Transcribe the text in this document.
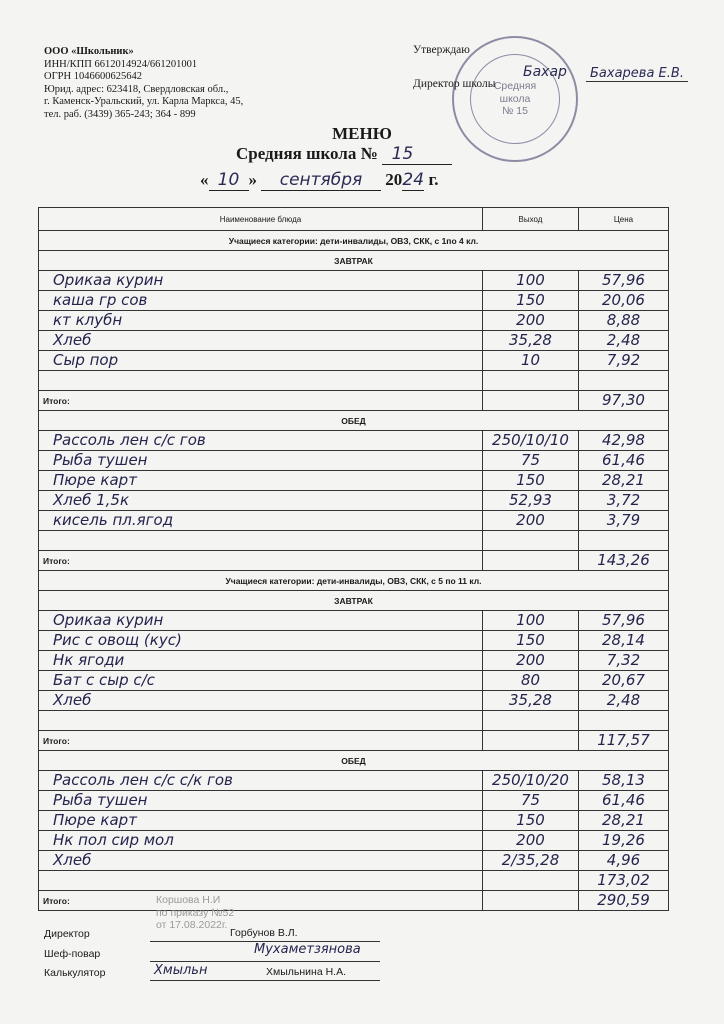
ООО «Школьник»
ИНН/КПП 6612014924/661201001
ОГРН 1046600625642
Юрид. адрес: 623418, Свердловская обл.,
г. Каменск-Уральский, ул. Карла Маркса, 45,
тел. раб. (3439) 365-243; 364 - 899
Средняя
школа
№ 15
Утверждаю
Директор школы
Бахар	Бахарева Е.В.
МЕНЮ
Средняя школа № 15
« 10 » сентября 2024 г.
Наименование блюда	Выход	Цена
Учащиеся категории: дети-инвалиды, ОВЗ, СКК, с 1по 4 кл.		
ЗАВТРАК		
Орикаа курин	100	57,96
каша гр сов	150	20,06
кт клубн	200	8,88
Хлеб	35,28	2,48
Сыр пор	10	7,92

Итого:		97,30
ОБЕД		
Рассоль лен с/с гов	250/10/10	42,98
Рыба тушен	75	61,46
Пюре карт	150	28,21
Хлеб 1,5к	52,93	3,72
кисель пл.ягод	200	3,79

Итого:		143,26
Учащиеся категории: дети-инвалиды, ОВЗ, СКК, с 5 по 11 кл.		
ЗАВТРАК		
Орикаа курин	100	57,96
Рис с овощ (кус)	150	28,14
Нк ягоди	200	7,32
Бат с сыр с/с	80	20,67
Хлеб	35,28	2,48

Итого:		117,57
ОБЕД		
Рассоль лен с/с с/к гов	250/10/20	58,13
Рыба тушен	75	61,46
Пюре карт	150	28,21
Нк пол сир мол	200	19,26
Хлеб	2/35,28	4,96
		173,02
Итого:		290,59
Коршова Н.И
по приказу №52
от 17.08.2022г.
Директор	Горбунов В.Л.
Шеф-повар	Мухаметзянова
Калькулятор	Хмыльн	Хмыльнина Н.А.
